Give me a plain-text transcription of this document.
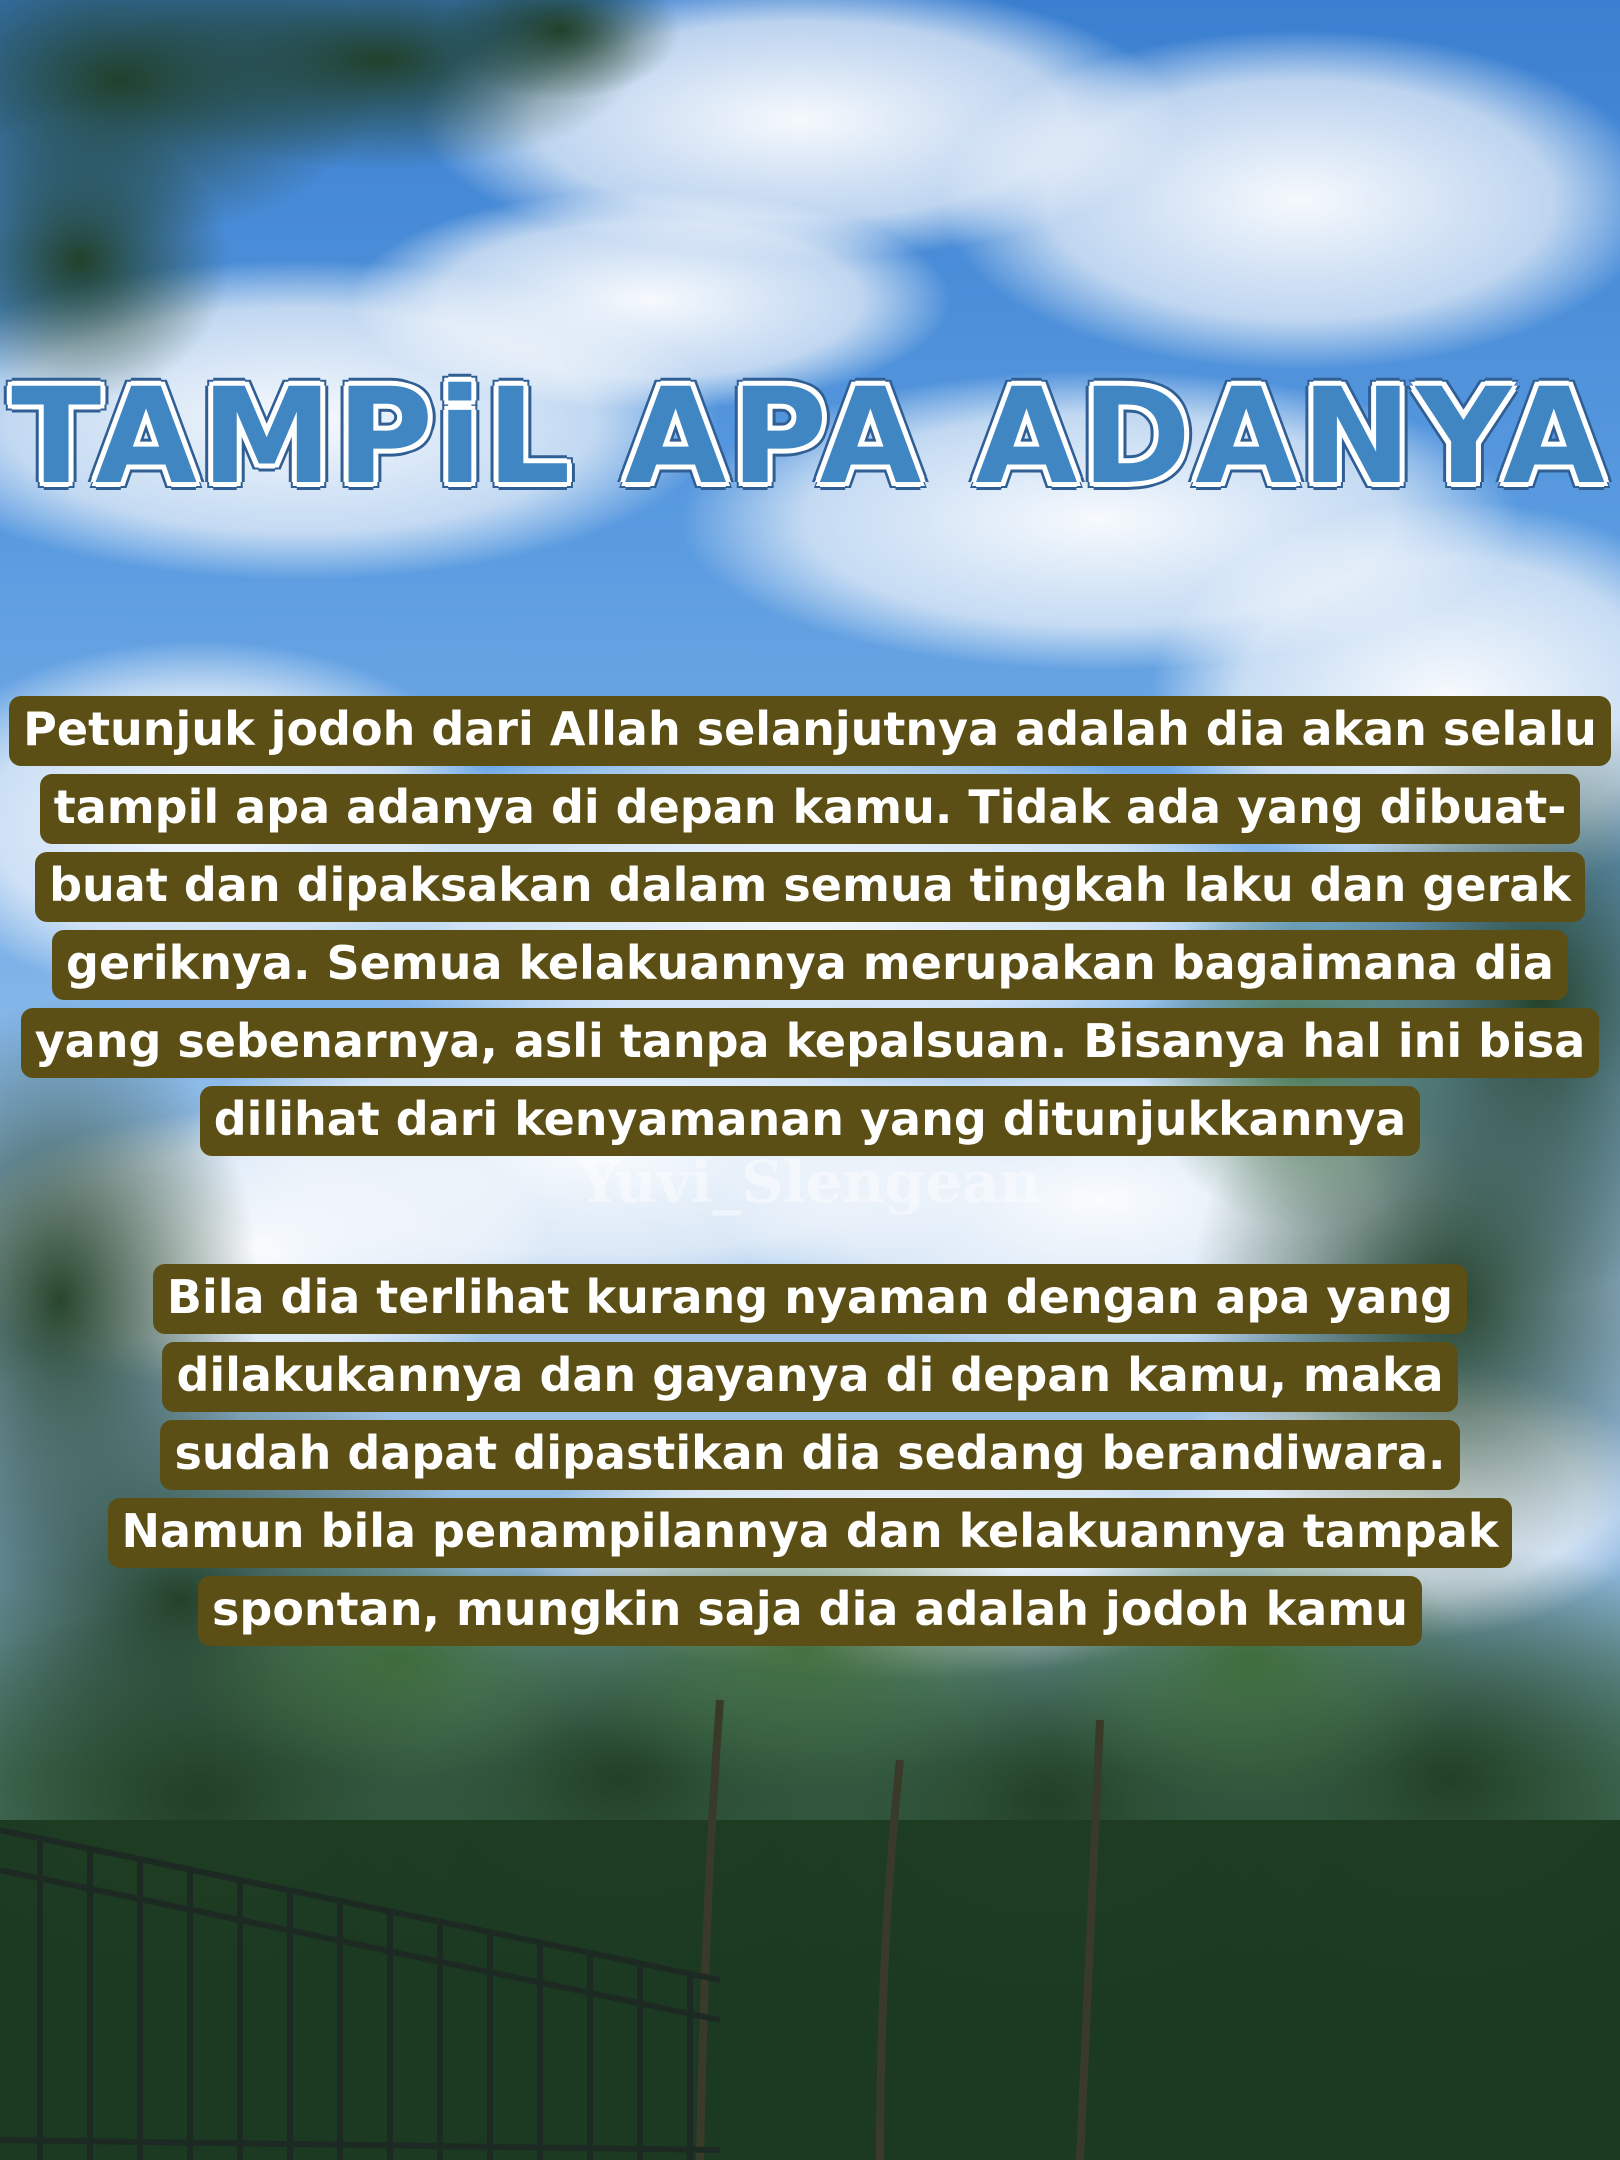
TAMPiL APA ADANYA
Petunjuk jodoh dari Allah selanjutnya adalah dia akan selalu
tampil apa adanya di depan kamu. Tidak ada yang dibuat-
buat dan dipaksakan dalam semua tingkah laku dan gerak
geriknya. Semua kelakuannya merupakan bagaimana dia
yang sebenarnya, asli tanpa kepalsuan. Bisanya hal ini bisa
dilihat dari kenyamanan yang ditunjukkannya
Yuvi_Slengean
Bila dia terlihat kurang nyaman dengan apa yang
dilakukannya dan gayanya di depan kamu, maka
sudah dapat dipastikan dia sedang berandiwara.
Namun bila penampilannya dan kelakuannya tampak
spontan, mungkin saja dia adalah jodoh kamu
